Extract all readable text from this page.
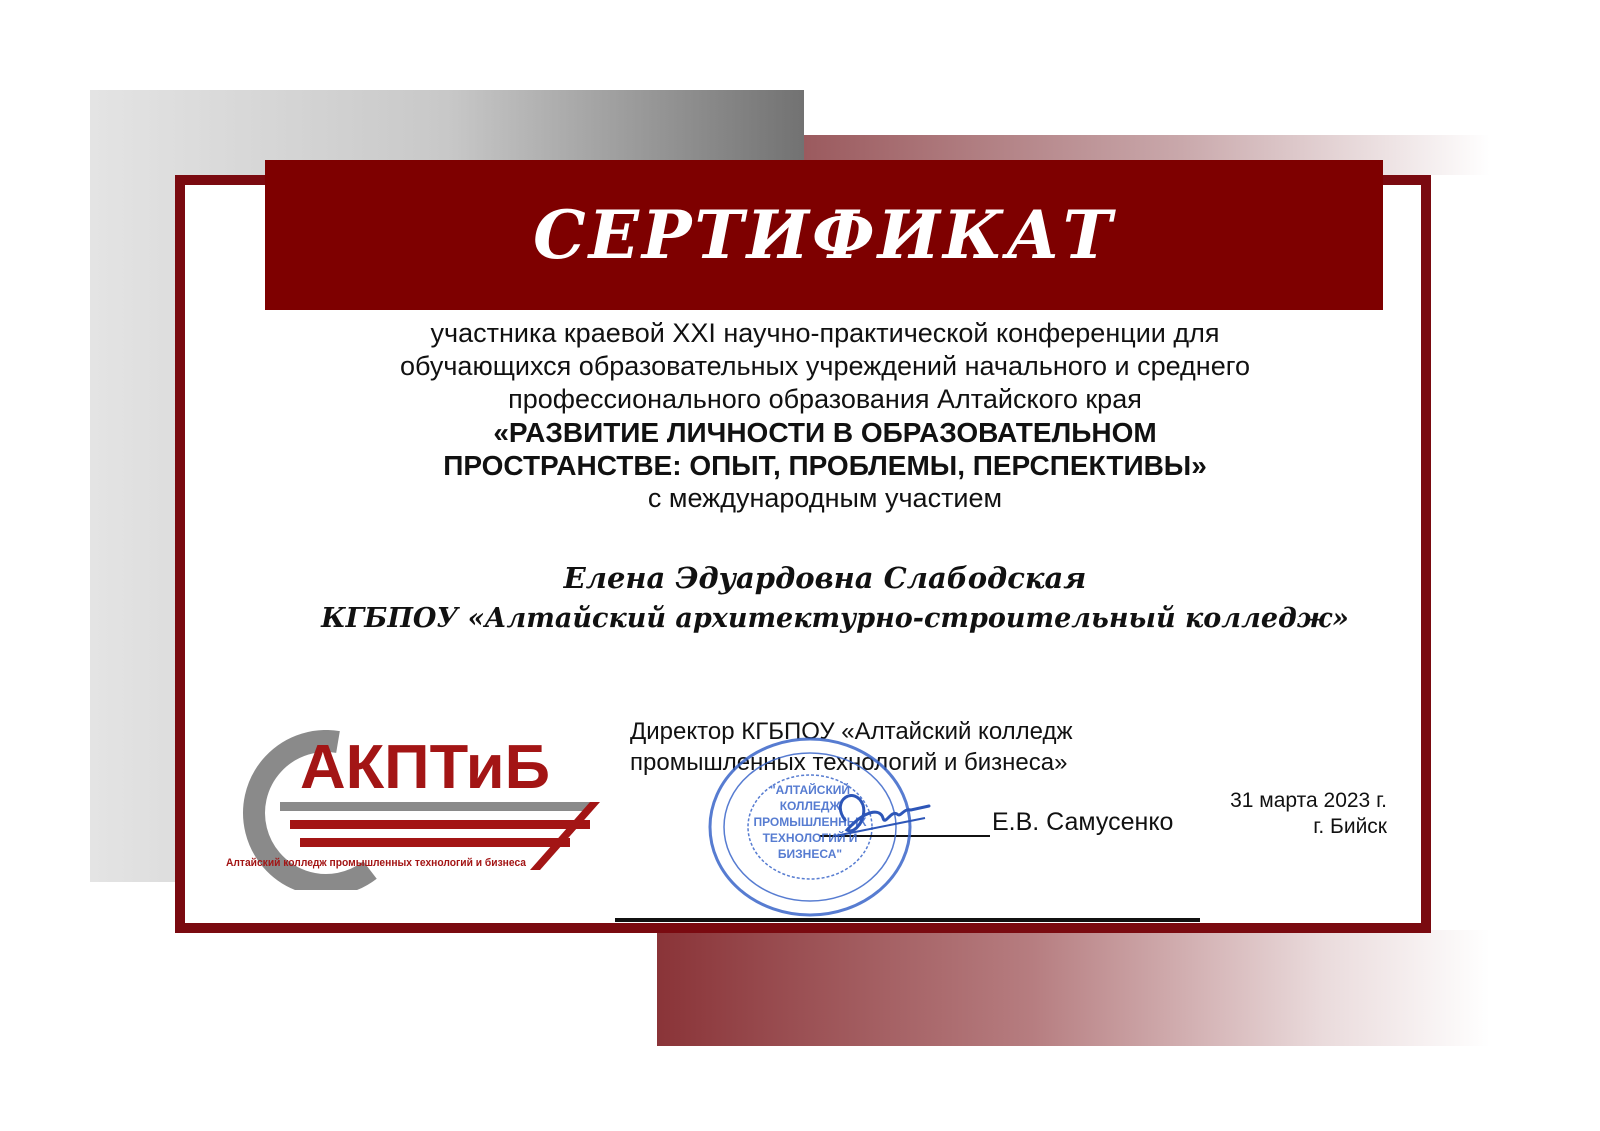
СЕРТИФИКАТ
участника краевой XXI научно-практической конференции для
обучающихся образовательных учреждений начального и среднего
профессионального образования Алтайского края
«РАЗВИТИЕ ЛИЧНОСТИ В ОБРАЗОВАТЕЛЬНОМ
ПРОСТРАНСТВЕ: ОПЫТ, ПРОБЛЕМЫ, ПЕРСПЕКТИВЫ»
с международным участием
Елена Эдуардовна Слабодская
КГБПОУ «Алтайский архитектурно-строительный колледж»
АКПТиБ
Алтайский колледж промышленных технологий и бизнеса
Директор КГБПОУ «Алтайский колледж
промышленных технологий и бизнеса»
Е.В. Самусенко
"АЛТАЙСКИЙ
КОЛЛЕДЖ
ПРОМЫШЛЕННЫХ
ТЕХНОЛОГИЙ И
БИЗНЕСА"
31 марта 2023 г.
г. Бийск
